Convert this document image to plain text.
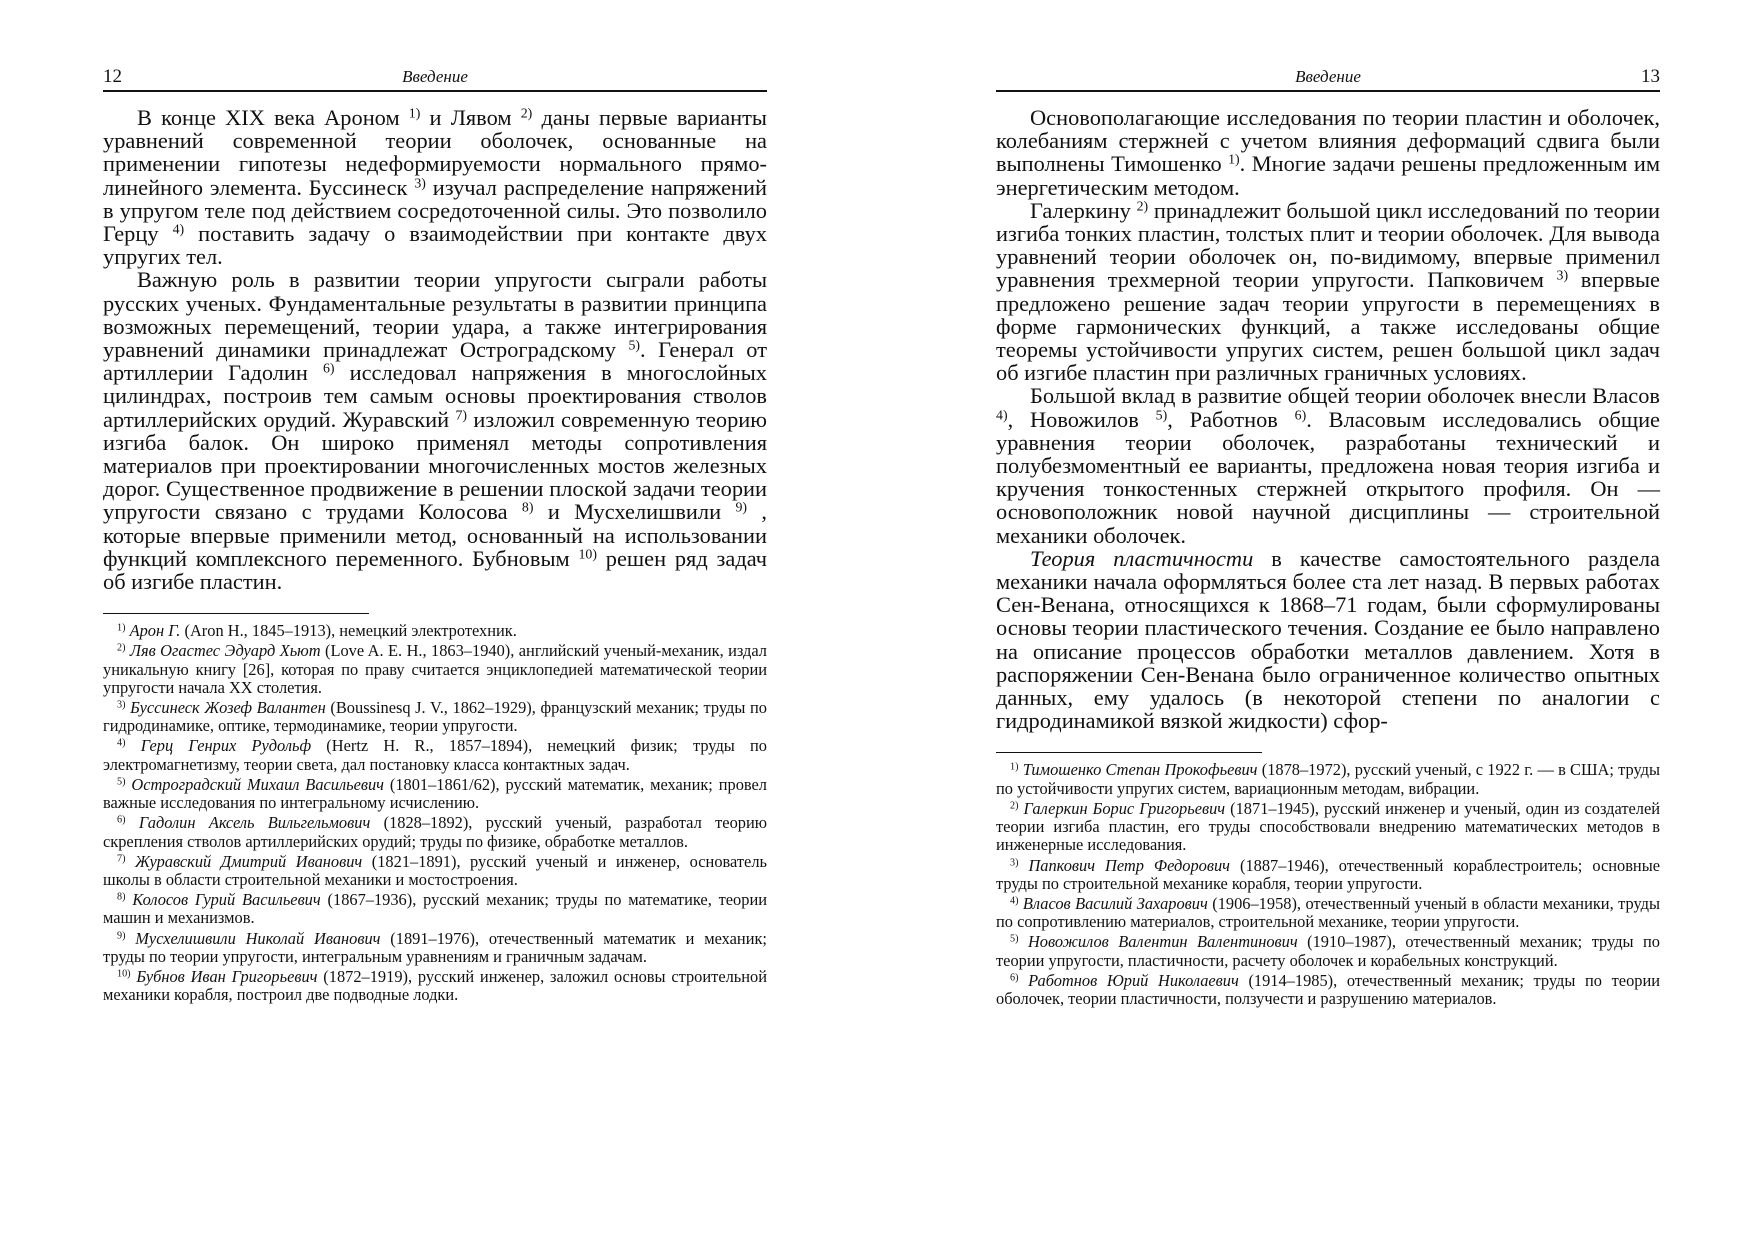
12	Введение

В конце XIX века Ароном $^{1)}$ и Лявом $^{2)}$ даны первые варианты уравнений современной теории оболочек, основанные на применении гипотезы недеформируемости нормального прямолинейного элемента. Буссинеск $^{3)}$ изучал распределение напряжений в упругом теле под действием сосредоточенной силы. Это позволило Герцу $^{4)}$ поставить задачу о взаимодействии при контакте двух упругих тел.

Важную роль в развитии теории упругости сыграли работы русских ученых. Фундаментальные результаты в развитии принципа возможных перемещений, теории удара, а также интегрирования уравнений динамики принадлежат Остроградскому $^{5)}$. Генерал от артиллерии Гадолин $^{6)}$ исследовал напряжения в многослойных цилиндрах, построив тем самым основы проектирования стволов артиллерийских орудий. Журавский $^{7)}$ изложил современную теорию изгиба балок. Он широко применял методы сопротивления материалов при проектировании многочисленных мостов железных дорог. Существенное продвижение в решении плоской задачи теории упругости связано с трудами Колосова $^{8)}$ и Мусхелишвили $^{9)}$ , которые впервые применили метод, основанный на использовании функций комплексного переменного. Бубновым $^{10)}$ решен ряд задач об изгибе пластин.

$^{1)}$ Арон Г. (Aron H., 1845–1913), немецкий электротехник.

$^{2)}$ Ляв Огастес Эдуард Хьют (Love A. E. H., 1863–1940), английский ученый-механик, издал уникальную книгу [26], которая по праву считается энциклопедией математической теории упругости начала XX столетия.

$^{3)}$ Буссинеск Жозеф Валантен (Boussinesq J. V., 1862–1929), французский механик; труды по гидродинамике, оптике, термодинамике, теории упругости.

$^{4)}$ Герц Генрих Рудольф (Hertz H. R., 1857–1894), немецкий физик; труды по электромагнетизму, теории света, дал постановку класса контактных задач.

$^{5)}$ Остроградский Михаил Васильевич (1801–1861/62), русский математик, механик; провел важные исследования по интегральному исчислению.

$^{6)}$ Гадолин Аксель Вильгельмович (1828–1892), русский ученый, разработал теорию скрепления стволов артиллерийских орудий; труды по физике, обработке металлов.

$^{7)}$ Журавский Дмитрий Иванович (1821–1891), русский ученый и инженер, основатель школы в области строительной механики и мостостроения.

$^{8)}$ Колосов Гурий Васильевич (1867–1936), русский механик; труды по математике, теории машин и механизмов.

$^{9)}$ Мусхелишвили Николай Иванович (1891–1976), отечественный математик и механик; труды по теории упругости, интегральным уравнениям и граничным задачам.

$^{10)}$ Бубнов Иван Григорьевич (1872–1919), русский инженер, заложил основы строительной механики корабля, построил две подводные лодки.

Введение	13

Основополагающие исследования по теории пластин и оболочек, колебаниям стержней с учетом влияния деформаций сдвига были выполнены Тимошенко $^{1)}$. Многие задачи решены предложенным им энергетическим методом.

Галеркину $^{2)}$ принадлежит большой цикл исследований по теории изгиба тонких пластин, толстых плит и теории оболочек. Для вывода уравнений теории оболочек он, по-видимому, впервые применил уравнения трехмерной теории упругости. Папковичем $^{3)}$ впервые предложено решение задач теории упругости в перемещениях в форме гармонических функций, а также исследованы общие теоремы устойчивости упругих систем, решен большой цикл задач об изгибе пластин при различных граничных условиях.

Большой вклад в развитие общей теории оболочек внесли Власов $^{4)}$, Новожилов $^{5)}$, Работнов $^{6)}$. Власовым исследовались общие уравнения теории оболочек, разработаны технический и полубезмоментный ее варианты, предложена новая теория изгиба и кручения тонкостенных стержней открытого профиля. Он — основоположник новой научной дисциплины — строительной механики оболочек.

Теория пластичности в качестве самостоятельного раздела механики начала оформляться более ста лет назад. В первых работах Сен-Венана, относящихся к 1868–71 годам, были сформулированы основы теории пластического течения. Создание ее было направлено на описание процессов обработки металлов давлением. Хотя в распоряжении Сен-Венана было ограниченное количество опытных данных, ему удалось (в некоторой степени по аналогии с гидродинамикой вязкой жидкости) сфор-

$^{1)}$ Тимошенко Степан Прокофьевич (1878–1972), русский ученый, с 1922 г. — в США; труды по устойчивости упругих систем, вариационным методам, вибрации.

$^{2)}$ Галеркин Борис Григорьевич (1871–1945), русский инженер и ученый, один из создателей теории изгиба пластин, его труды способствовали внедрению математических методов в инженерные исследования.

$^{3)}$ Папкович Петр Федорович (1887–1946), отечественный кораблестроитель; основные труды по строительной механике корабля, теории упругости.

$^{4)}$ Власов Василий Захарович (1906–1958), отечественный ученый в области механики, труды по сопротивлению материалов, строительной механике, теории упругости.

$^{5)}$ Новожилов Валентин Валентинович (1910–1987), отечественный механик; труды по теории упругости, пластичности, расчету оболочек и корабельных конструкций.

$^{6)}$ Работнов Юрий Николаевич (1914–1985), отечественный механик; труды по теории оболочек, теории пластичности, ползучести и разрушению материалов.
